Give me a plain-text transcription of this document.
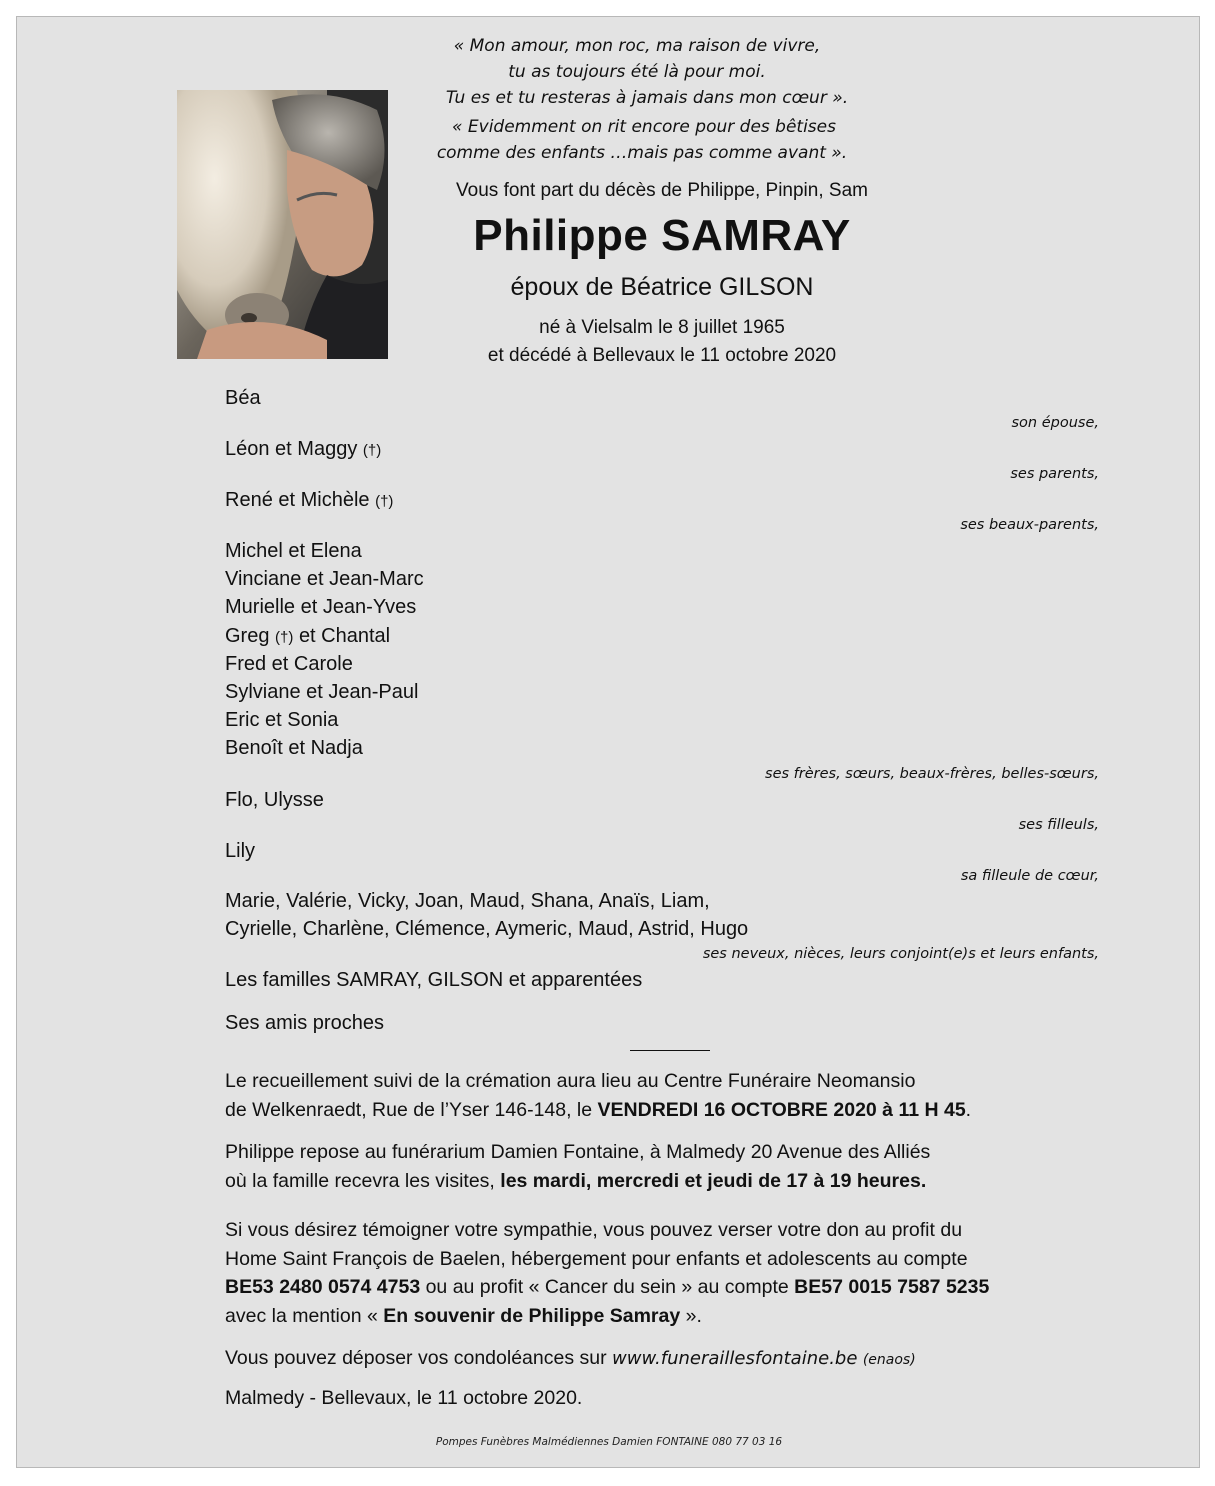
« Mon amour, mon roc, ma raison de vivre,
tu as toujours été là pour moi.
Tu es et tu resteras à jamais dans mon cœur ».
« Evidemment on rit encore pour des bêtises
comme des enfants …mais pas comme avant ».
Vous font part du décès de Philippe, Pinpin, Sam
Philippe SAMRAY
époux de Béatrice GILSON
né à Vielsalm le 8 juillet 1965
et décédé à Bellevaux le 11 octobre 2020
Béa
son épouse,
Léon et Maggy (†)
ses parents,
René et Michèle (†)
ses beaux-parents,
Michel et Elena
Vinciane et Jean-Marc
Murielle et Jean-Yves
Greg (†) et Chantal
Fred et Carole
Sylviane et Jean-Paul
Eric et Sonia
Benoît et Nadja
ses frères, sœurs, beaux-frères, belles-sœurs,
Flo, Ulysse
ses filleuls,
Lily
sa filleule de cœur,
Marie, Valérie, Vicky, Joan, Maud, Shana, Anaïs, Liam,
Cyrielle, Charlène, Clémence, Aymeric, Maud, Astrid, Hugo
ses neveux, nièces, leurs conjoint(e)s et leurs enfants,
Les familles SAMRAY, GILSON et apparentées
Ses amis proches
Le recueillement suivi de la crémation aura lieu au Centre Funéraire Neomansio
de Welkenraedt, Rue de l’Yser 146-148, le VENDREDI 16 OCTOBRE 2020 à 11 H 45.
Philippe repose au funérarium Damien Fontaine, à Malmedy 20 Avenue des Alliés
où la famille recevra les visites, les mardi, mercredi et jeudi de 17 à 19 heures.
Si vous désirez témoigner votre sympathie, vous pouvez verser votre don au profit du
Home Saint François de Baelen, hébergement pour enfants et adolescents au compte
BE53 2480 0574 4753 ou au profit « Cancer du sein » au compte BE57 0015 7587 5235
avec la mention « En souvenir de Philippe Samray ».
Vous pouvez déposer vos condoléances sur www.funeraillesfontaine.be (enaos)
Malmedy - Bellevaux, le 11 octobre 2020.
Pompes Funèbres Malmédiennes Damien FONTAINE 080 77 03 16
